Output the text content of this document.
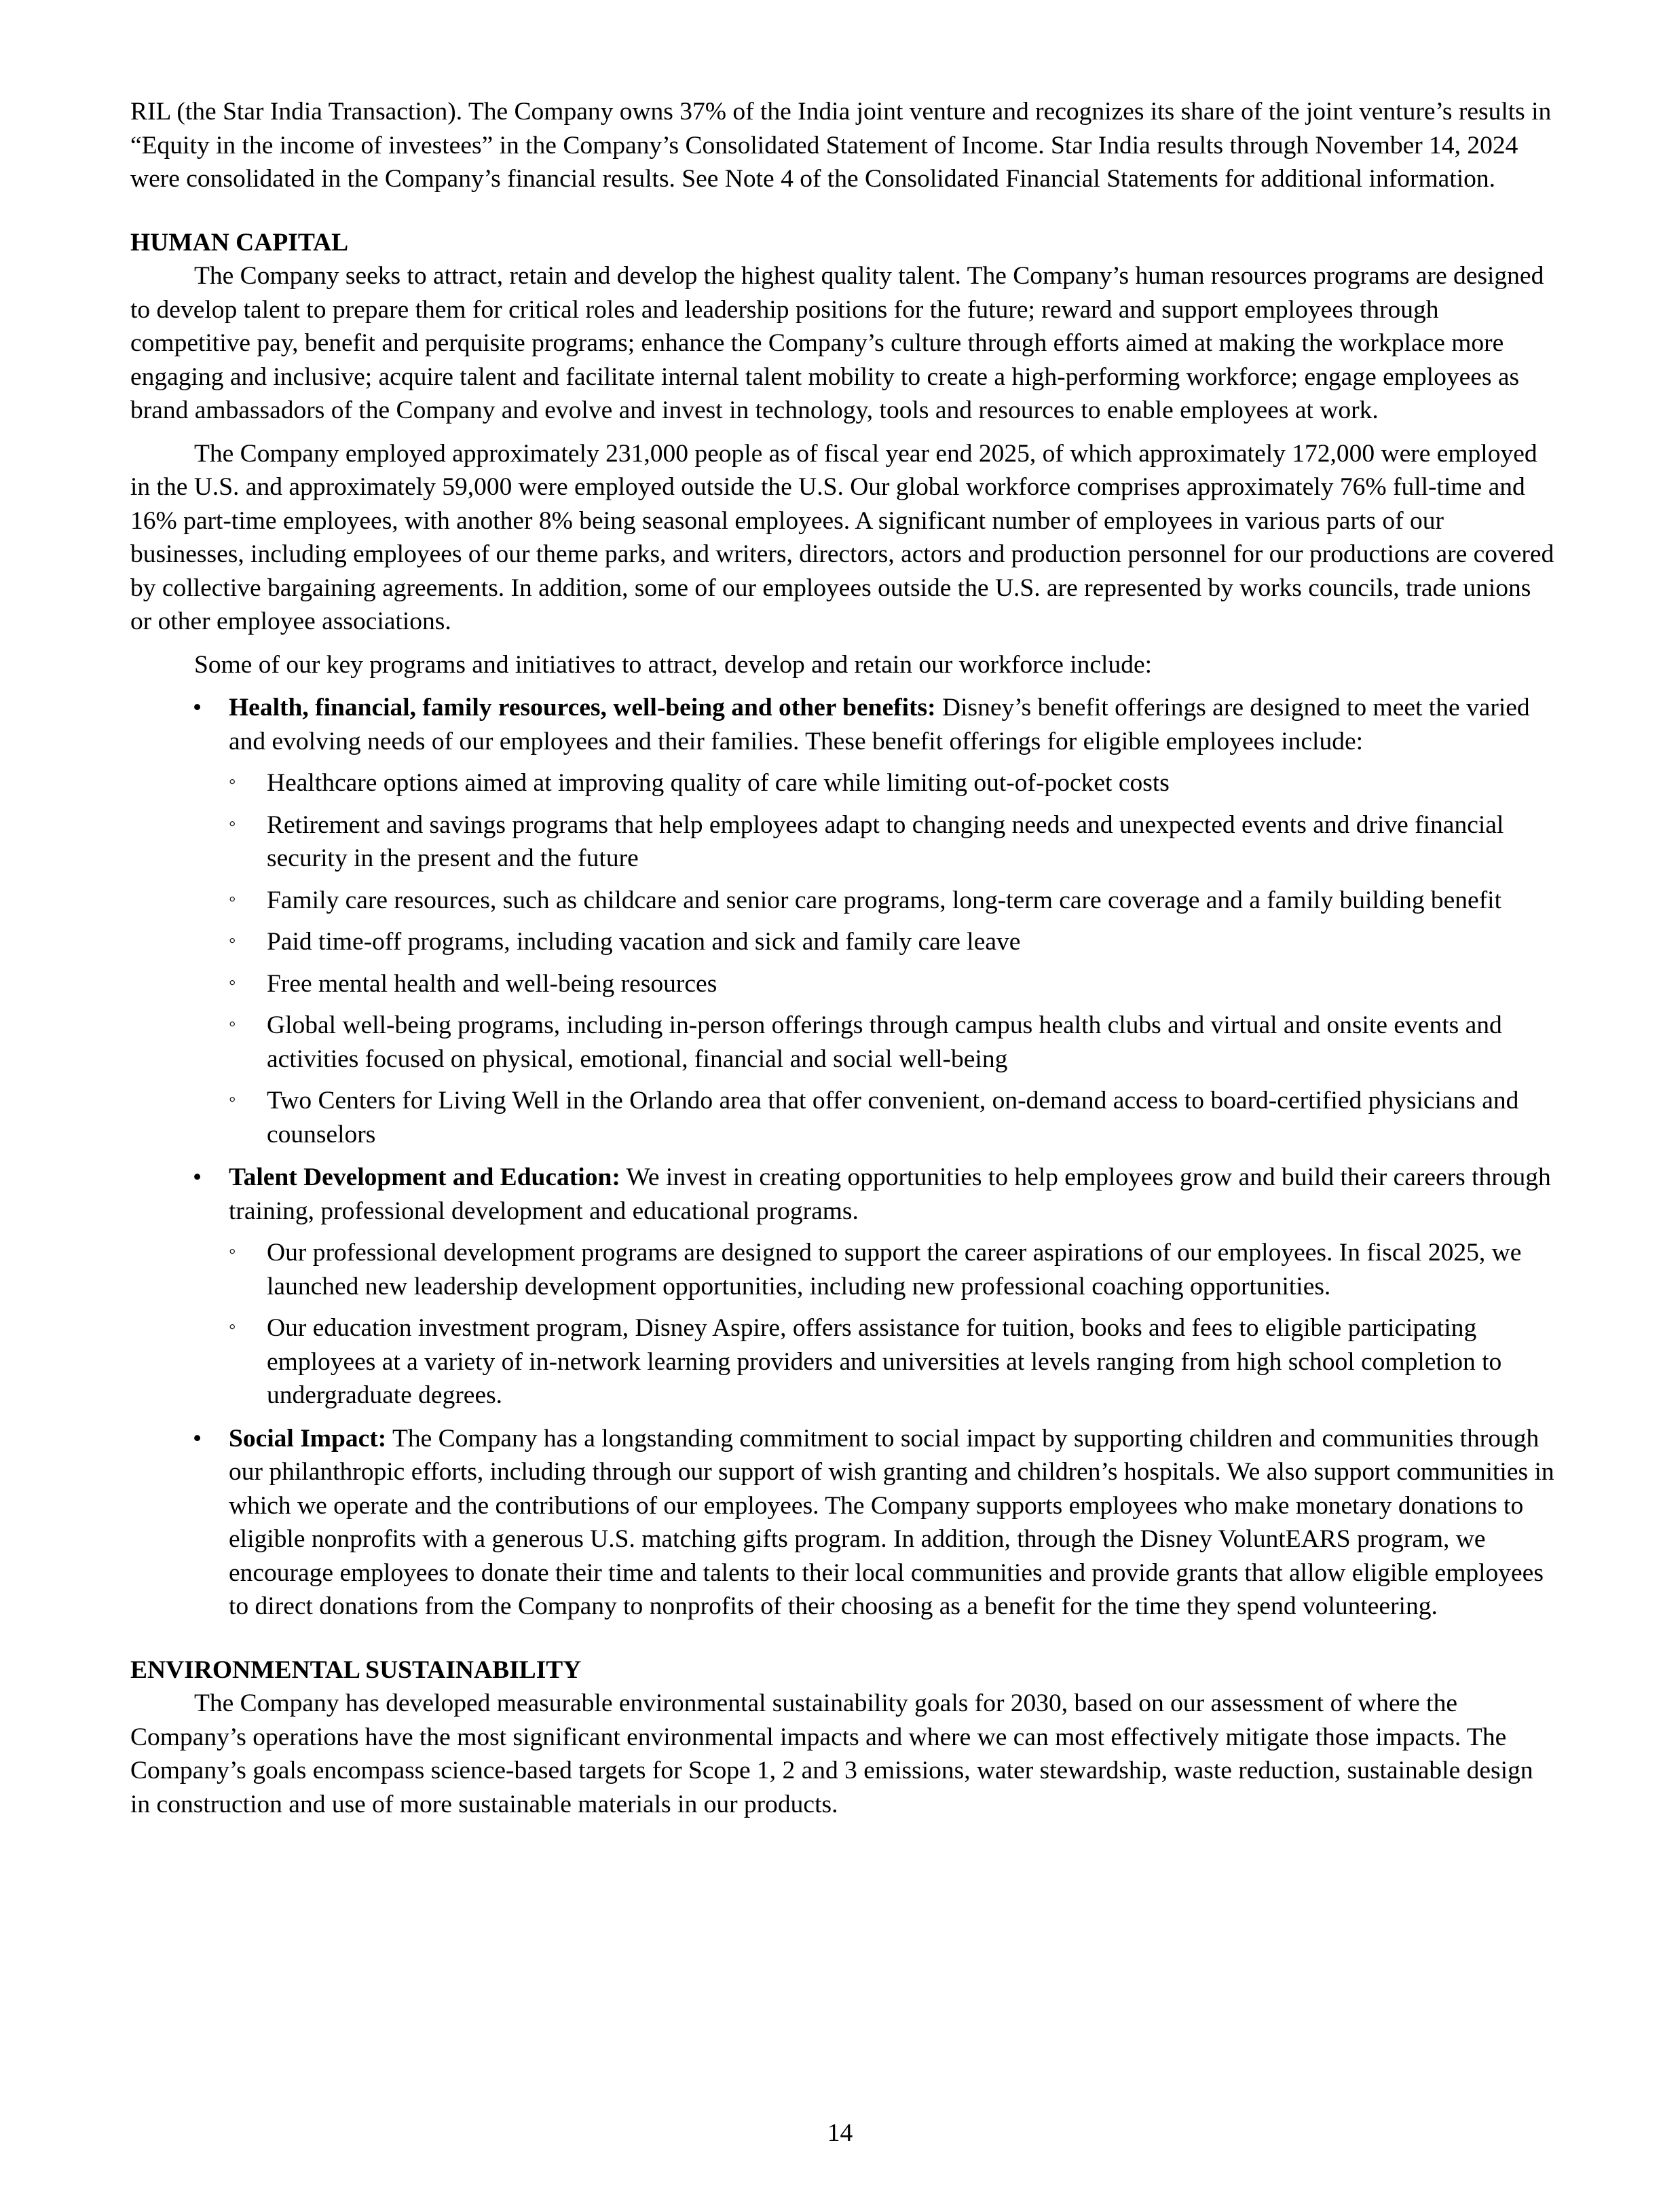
RIL (the Star India Transaction). The Company owns 37% of the India joint venture and recognizes its share of the joint venture’s results in “Equity in the income of investees” in the Company’s Consolidated Statement of Income. Star India results through November 14, 2024 were consolidated in the Company’s financial results. See Note 4 of the Consolidated Financial Statements for additional information.

HUMAN CAPITAL

The Company seeks to attract, retain and develop the highest quality talent. The Company’s human resources programs are designed to develop talent to prepare them for critical roles and leadership positions for the future; reward and support employees through competitive pay, benefit and perquisite programs; enhance the Company’s culture through efforts aimed at making the workplace more engaging and inclusive; acquire talent and facilitate internal talent mobility to create a high-performing workforce; engage employees as brand ambassadors of the Company and evolve and invest in technology, tools and resources to enable employees at work.

The Company employed approximately 231,000 people as of fiscal year end 2025, of which approximately 172,000 were employed in the U.S. and approximately 59,000 were employed outside the U.S. Our global workforce comprises approximately 76% full-time and 16% part-time employees, with another 8% being seasonal employees. A significant number of employees in various parts of our businesses, including employees of our theme parks, and writers, directors, actors and production personnel for our productions are covered by collective bargaining agreements. In addition, some of our employees outside the U.S. are represented by works councils, trade unions or other employee associations.

Some of our key programs and initiatives to attract, develop and retain our workforce include:

• Health, financial, family resources, well-being and other benefits: Disney’s benefit offerings are designed to meet the varied and evolving needs of our employees and their families. These benefit offerings for eligible employees include:
◦ Healthcare options aimed at improving quality of care while limiting out-of-pocket costs
◦ Retirement and savings programs that help employees adapt to changing needs and unexpected events and drive financial security in the present and the future
◦ Family care resources, such as childcare and senior care programs, long-term care coverage and a family building benefit
◦ Paid time-off programs, including vacation and sick and family care leave
◦ Free mental health and well-being resources
◦ Global well-being programs, including in-person offerings through campus health clubs and virtual and onsite events and activities focused on physical, emotional, financial and social well-being
◦ Two Centers for Living Well in the Orlando area that offer convenient, on-demand access to board-certified physicians and counselors
• Talent Development and Education: We invest in creating opportunities to help employees grow and build their careers through training, professional development and educational programs.
◦ Our professional development programs are designed to support the career aspirations of our employees. In fiscal 2025, we launched new leadership development opportunities, including new professional coaching opportunities.
◦ Our education investment program, Disney Aspire, offers assistance for tuition, books and fees to eligible participating employees at a variety of in-network learning providers and universities at levels ranging from high school completion to undergraduate degrees.
• Social Impact: The Company has a longstanding commitment to social impact by supporting children and communities through our philanthropic efforts, including through our support of wish granting and children’s hospitals. We also support communities in which we operate and the contributions of our employees. The Company supports employees who make monetary donations to eligible nonprofits with a generous U.S. matching gifts program. In addition, through the Disney VoluntEARS program, we encourage employees to donate their time and talents to their local communities and provide grants that allow eligible employees to direct donations from the Company to nonprofits of their choosing as a benefit for the time they spend volunteering.
ENVIRONMENTAL SUSTAINABILITY

The Company has developed measurable environmental sustainability goals for 2030, based on our assessment of where the Company’s operations have the most significant environmental impacts and where we can most effectively mitigate those impacts. The Company’s goals encompass science-based targets for Scope 1, 2 and 3 emissions, water stewardship, waste reduction, sustainable design in construction and use of more sustainable materials in our products.

14
